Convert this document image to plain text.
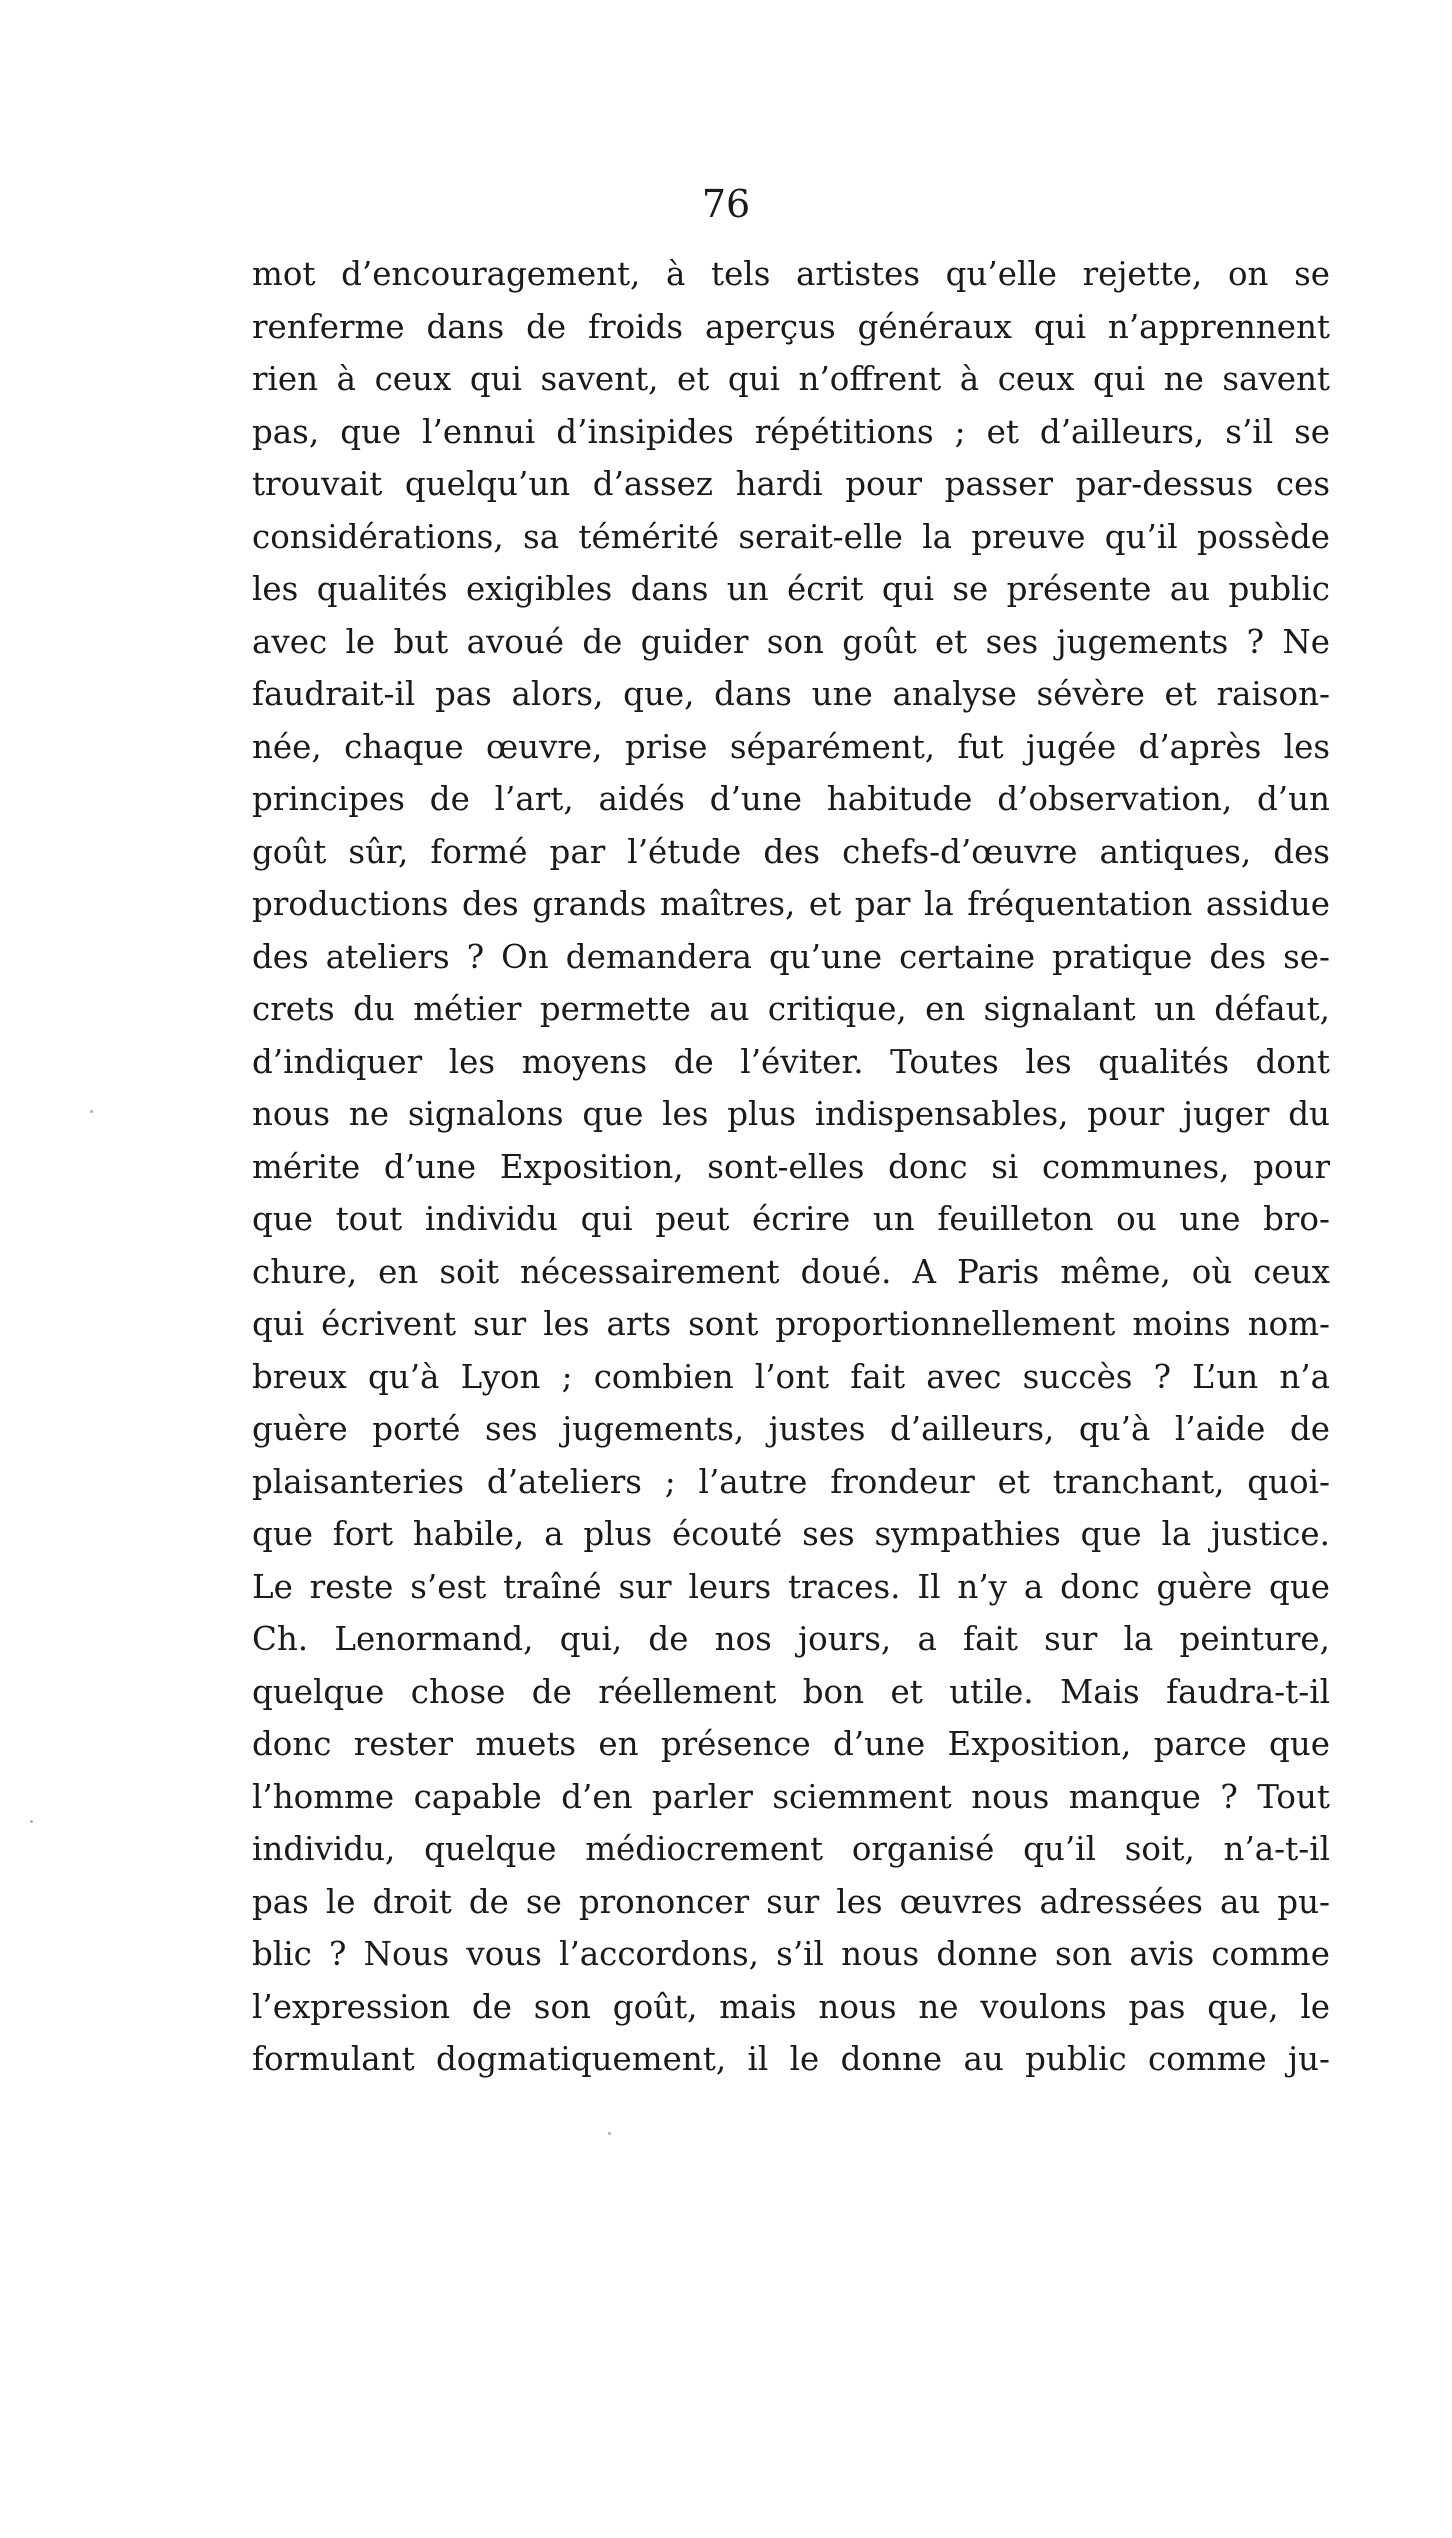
76
mot d’encouragement, à tels artistes qu’elle rejette, on se
renferme dans de froids aperçus généraux qui n’apprennent
rien à ceux qui savent, et qui n’offrent à ceux qui ne savent
pas, que l’ennui d’insipides répétitions ; et d’ailleurs, s’il se
trouvait quelqu’un d’assez hardi pour passer par-dessus ces
considérations, sa témérité serait-elle la preuve qu’il possède
les qualités exigibles dans un écrit qui se présente au public
avec le but avoué de guider son goût et ses jugements ? Ne
faudrait-il pas alors, que, dans une analyse sévère et raison-
née, chaque œuvre, prise séparément, fut jugée d’après les
principes de l’art, aidés d’une habitude d’observation, d’un
goût sûr, formé par l’étude des chefs-d’œuvre antiques, des
productions des grands maîtres, et par la fréquentation assidue
des ateliers ? On demandera qu’une certaine pratique des se-
crets du métier permette au critique, en signalant un défaut,
d’indiquer les moyens de l’éviter. Toutes les qualités dont
nous ne signalons que les plus indispensables, pour juger du
mérite d’une Exposition, sont-elles donc si communes, pour
que tout individu qui peut écrire un feuilleton ou une bro-
chure, en soit nécessairement doué. A Paris même, où ceux
qui écrivent sur les arts sont proportionnellement moins nom-
breux qu’à Lyon ; combien l’ont fait avec succès ? L’un n’a
guère porté ses jugements, justes d’ailleurs, qu’à l’aide de
plaisanteries d’ateliers ; l’autre frondeur et tranchant, quoi-
que fort habile, a plus écouté ses sympathies que la justice.
Le reste s’est traîné sur leurs traces. Il n’y a donc guère que
Ch. Lenormand, qui, de nos jours, a fait sur la peinture,
quelque chose de réellement bon et utile. Mais faudra-t-il
donc rester muets en présence d’une Exposition, parce que
l’homme capable d’en parler sciemment nous manque ? Tout
individu, quelque médiocrement organisé qu’il soit, n’a-t-il
pas le droit de se prononcer sur les œuvres adressées au pu-
blic ? Nous vous l’accordons, s’il nous donne son avis comme
l’expression de son goût, mais nous ne voulons pas que, le
formulant dogmatiquement, il le donne au public comme ju-
